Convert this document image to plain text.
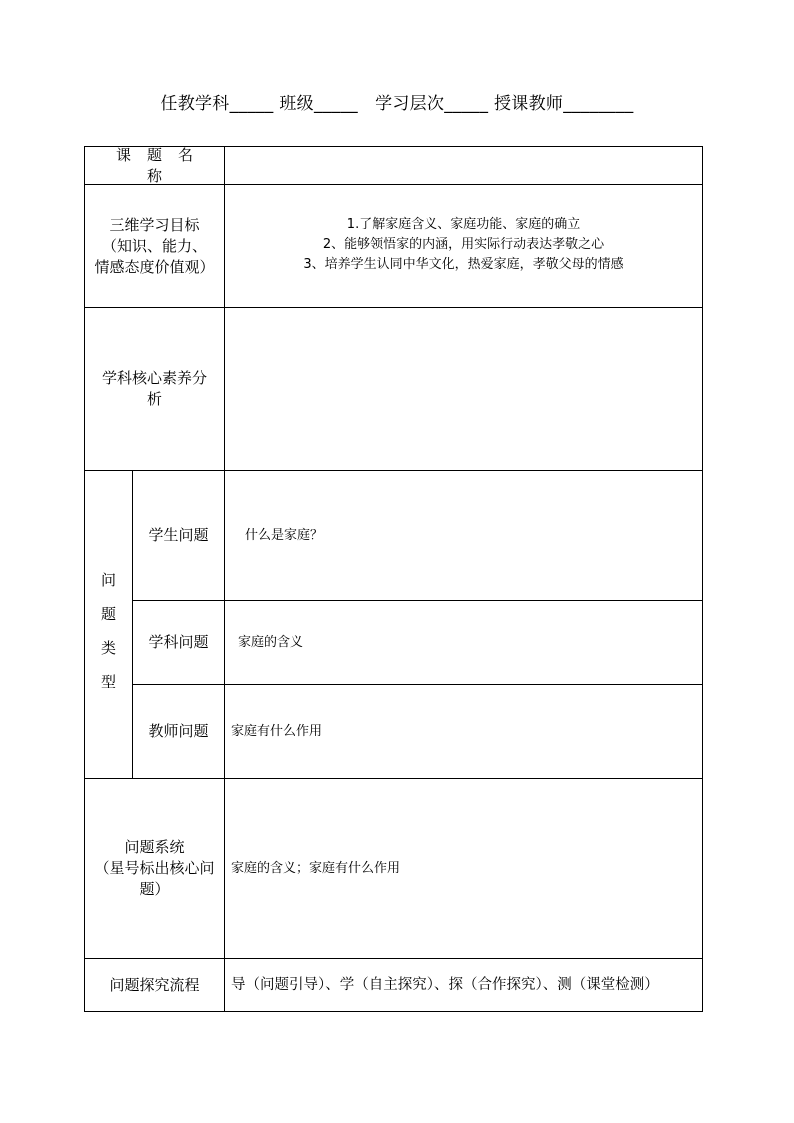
任教学科_____ 班级_____ 学习层次_____ 授课教师________
课题名称
三维学习目标
（知识、能力、
情感态度价值观）
1.了解家庭含义、家庭功能、家庭的确立
2、能够领悟家的内涵，用实际行动表达孝敬之心
3、培养学生认同中华文化，热爱家庭，孝敬父母的情感
学科核心素养分
析
问
题
类
型
学生问题	什么是家庭？
学科问题 家庭的含义
教师问题 家庭有什么作用
问题系统
（星号标出核心问
题）
家庭的含义；家庭有什么作用
问题探究流程 导（问题引导）、学（自主探究）、探（合作探究）、测（课堂检测）
